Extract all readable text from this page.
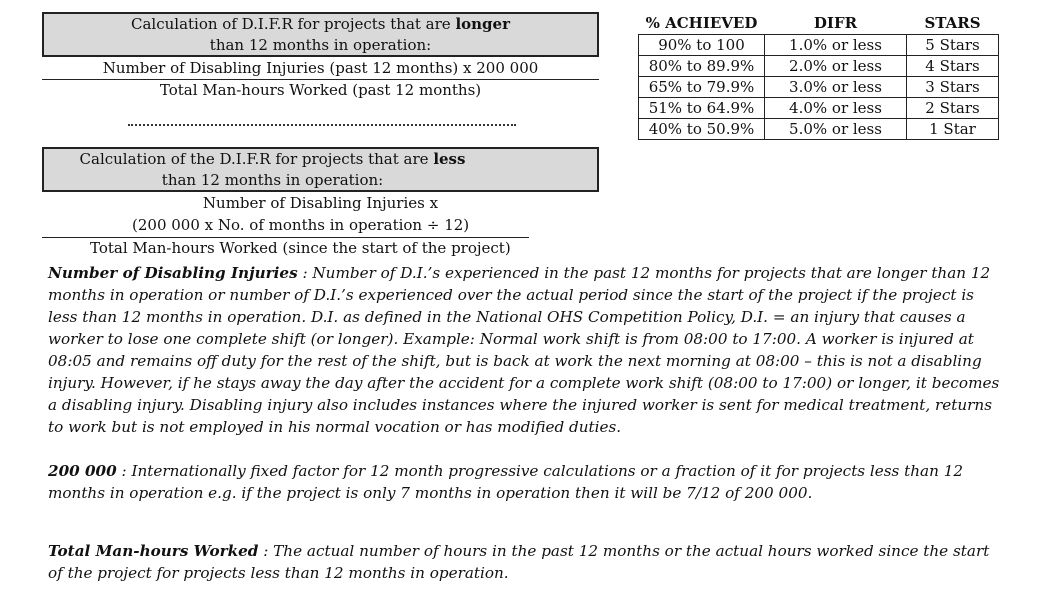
Calculation of D.I.F.R for projects that are longer
than 12 months in operation:
Number of Disabling Injuries (past 12 months) x 200 000
Total Man-hours Worked (past 12 months)
Calculation of the D.I.F.R for projects that are less
than 12 months in operation:
Number of Disabling Injuries x
(200 000 x No. of months in operation ÷ 12)
Total Man-hours Worked (since the start of the project)
% ACHIEVED	DIFR	STARS
90% to 100	1.0% or less	5 Stars
80% to 89.9%	2.0% or less	4 Stars
65% to 79.9%	3.0% or less	3 Stars
51% to 64.9%	4.0% or less	2 Stars
40% to 50.9%	5.0% or less	1 Star
Number of Disabling Injuries : Number of D.I.’s experienced in the past 12 months for projects that are longer than 12 months in operation or number of D.I.’s experienced over the actual period since the start of the project if the project is less than 12 months in operation. D.I. as defined in the National OHS Competition Policy, D.I. = an injury that causes a worker to lose one complete shift (or longer). Example: Normal work shift is from 08:00 to 17:00. A worker is injured at 08:05 and remains off duty for the rest of the shift, but is back at work the next morning at 08:00 – this is not a disabling injury. However, if he stays away the day after the accident for a complete work shift (08:00 to 17:00) or longer, it becomes a disabling injury. Disabling injury also includes instances where the injured worker is sent for medical treatment, returns to work but is not employed in his normal vocation or has modified duties.
200 000 : Internationally fixed factor for 12 month progressive calculations or a fraction of it for projects less than 12 months in operation e.g. if the project is only 7 months in operation then it will be 7/12 of 200 000.
Total Man-hours Worked : The actual number of hours in the past 12 months or the actual hours worked since the start of the project for projects less than 12 months in operation.
